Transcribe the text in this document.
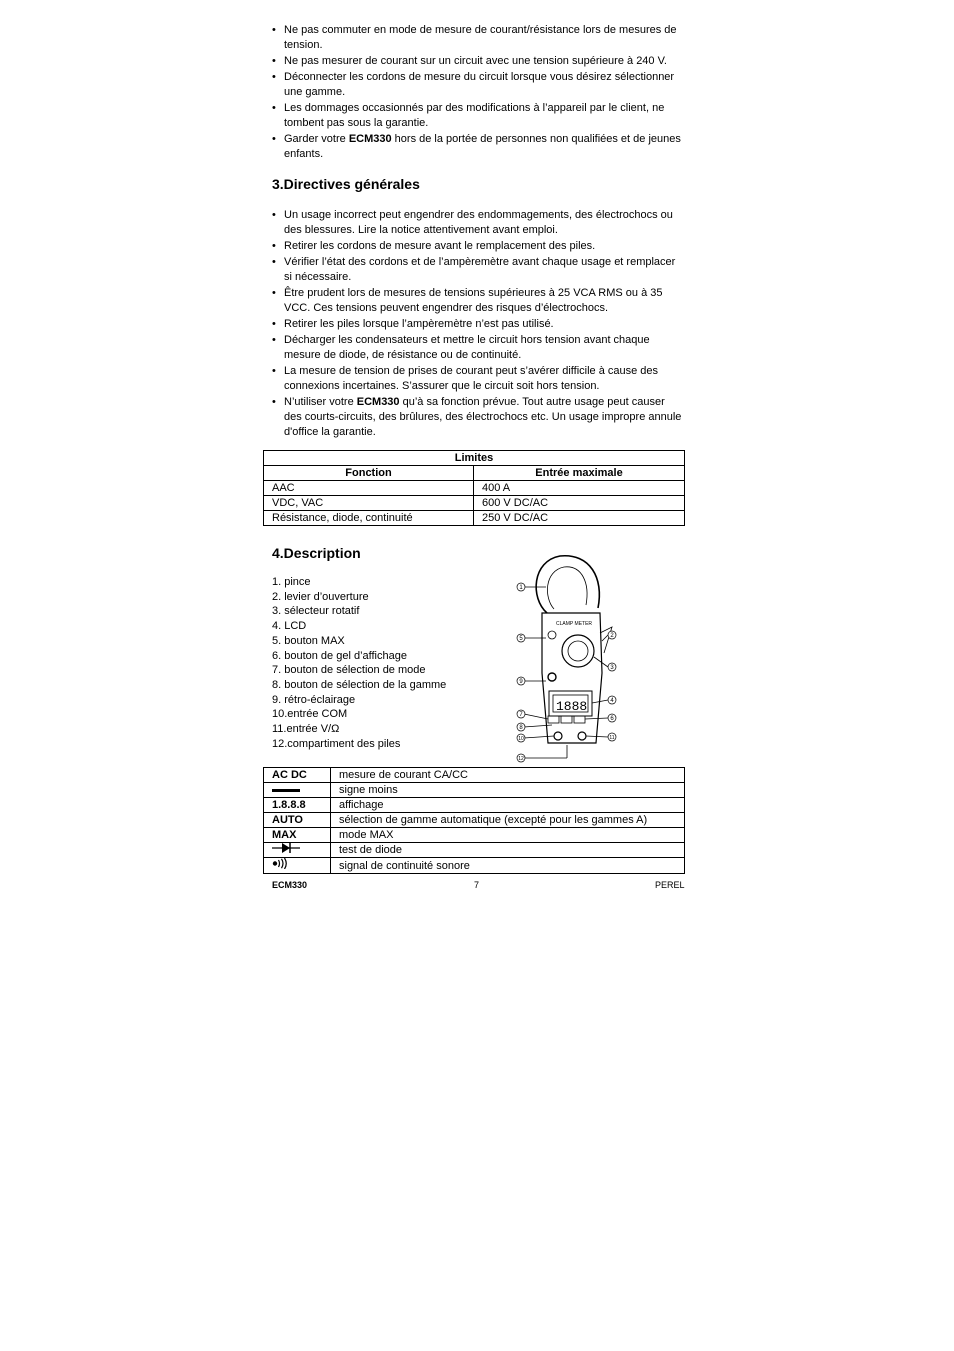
• Ne pas commuter en mode de mesure de courant/résistance lors de mesures de tension.
• Ne pas mesurer de courant sur un circuit avec une tension supérieure à 240 V.
• Déconnecter les cordons de mesure du circuit lorsque vous désirez sélectionner une gamme.
• Les dommages occasionnés par des modifications à l’appareil par le client, ne tombent pas sous la garantie.
• Garder votre ECM330 hors de la portée de personnes non qualifiées et de jeunes enfants.
3.Directives générales
• Un usage incorrect peut engendrer des endommagements, des électrochocs ou des blessures. Lire la notice attentivement avant emploi.
• Retirer les cordons de mesure avant le remplacement des piles.
• Vérifier l’état des cordons et de l’ampèremètre avant chaque usage et remplacer si nécessaire.
• Être prudent lors de mesures de tensions supérieures à 25 VCA RMS ou à 35 VCC. Ces tensions peuvent engendrer des risques d’électrochocs.
• Retirer les piles lorsque l’ampèremètre n’est pas utilisé.
• Décharger les condensateurs et mettre le circuit hors tension avant chaque mesure de diode, de résistance ou de continuité.
• La mesure de tension de prises de courant peut s’avérer difficile à cause des connexions incertaines. S’assurer que le circuit soit hors tension.
• N’utiliser votre ECM330 qu’à sa fonction prévue. Tout autre usage peut causer des courts-circuits, des brûlures, des électrochocs etc. Un usage impropre annule d'office la garantie.
Limites	
Fonction	Entrée maximale
AAC	400 A
VDC, VAC	600 V DC/AC
Résistance, diode, continuité	250 V DC/AC
4.Description
1. pince
2. levier d’ouverture
3. sélecteur rotatif
4. LCD
5. bouton MAX
6. bouton de gel d’affichage
7. bouton de sélection de mode
8. bouton de sélection de la gamme
9. rétro-éclairage
10.entrée COM
11.entrée V/Ω
12.compartiment des piles
CLAMP METER
1888
1
2
3
4
5
6
7
8
9
10	11
12
AC DC	mesure de courant CA/CC
	signe moins
1.8.8.8	affichage
AUTO	sélection de gamme automatique (excepté pour les gammes A)
MAX	mode MAX
	test de diode
	signal de continuité sonore
ECM330	7	PEREL
